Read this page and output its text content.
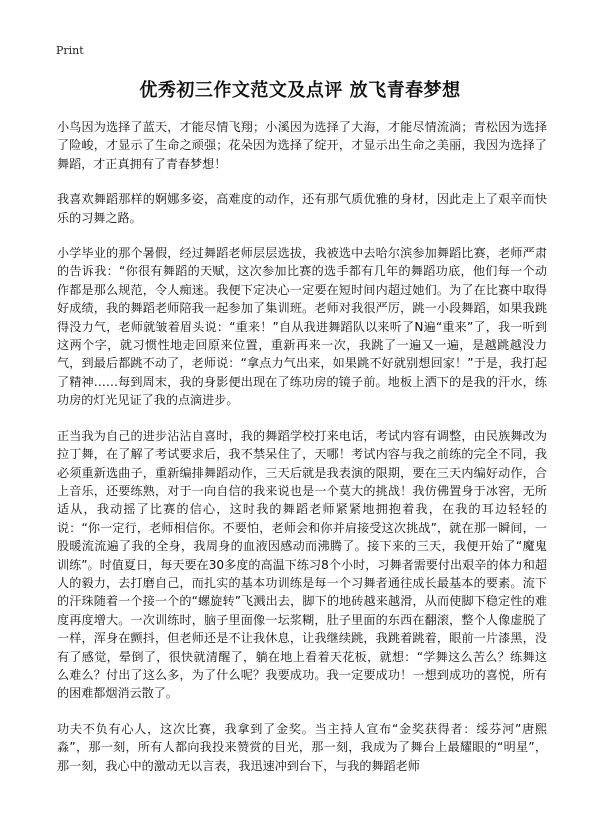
Print
优秀初三作文范文及点评 放飞青春梦想

小鸟因为选择了蓝天，才能尽情飞翔；小溪因为选择了大海，才能尽情流淌；青松因为选择了险峻，才显示了生命之顽强；花朵因为选择了绽开，才显示出生命之美丽，我因为选择了舞蹈，才正真拥有了青春梦想！

我喜欢舞蹈那样的婀娜多姿，高难度的动作，还有那气质优雅的身材，因此走上了艰辛而快乐的习舞之路。

小学毕业的那个暑假，经过舞蹈老师层层选拔，我被选中去哈尔滨参加舞蹈比赛，老师严肃的告诉我：“你很有舞蹈的天赋，这次参加比赛的选手都有几年的舞蹈功底，他们每一个动作都是那么规范，令人痴迷。我便下定决心一定要在短时间内超过她们。为了在比赛中取得好成绩，我的舞蹈老师陪我一起参加了集训班。老师对我很严厉，跳一小段舞蹈，如果我跳得没力气，老师就皱着眉头说：“重来！”自从我进舞蹈队以来听了N遍“重来”了，我一听到这两个字，就习惯性地走回原来位置，重新再来一次，我跳了一遍又一遍，是越跳越没力气，到最后都跳不动了，老师说：“拿点力气出来，如果跳不好就别想回家！”于是，我打起了精神……每到周末，我的身影便出现在了练功房的镜子前。地板上洒下的是我的汗水，练功房的灯光见证了我的点滴进步。

正当我为自己的进步沾沾自喜时，我的舞蹈学校打来电话，考试内容有调整，由民族舞改为拉丁舞，在了解了考试要求后，我不禁呆住了，天哪！考试内容与我之前练的完全不同，我必须重新选曲子，重新编排舞蹈动作，三天后就是我表演的限期，要在三天内编好动作，合上音乐，还要练熟，对于一向自信的我来说也是一个莫大的挑战！我仿佛置身于冰窖，无所适从，我动摇了比赛的信心，这时我的舞蹈老师紧紧地拥抱着我，在我的耳边轻轻的说：“你一定行，老师相信你。不要怕，老师会和你并肩接受这次挑战”，就在那一瞬间，一股暖流流遍了我的全身，我周身的血液因感动而沸腾了。接下来的三天，我便开始了“魔鬼训练”。时值夏日，每天要在30多度的高温下练习8个小时，习舞者需要付出艰辛的体力和超人的毅力，去打磨自己，而扎实的基本功训练是每一个习舞者通往成长最基本的要素。流下的汗珠随着一个接一个的“螺旋转”飞溅出去，脚下的地砖越来越滑，从而使脚下稳定性的难度再度增大。一次训练时，脑子里面像一坛浆糊，肚子里面的东西在翻滚，整个人像虚脱了一样，浑身在颤抖，但老师还是不让我休息，让我继续跳，我跳着跳着，眼前一片漆黑，没有了感觉，晕倒了，很快就清醒了，躺在地上看着天花板，就想：“学舞这么苦么？练舞这么难么？付出了这么多，为了什么呢？我要成功。我一定要成功！一想到成功的喜悦，所有的困难都烟消云散了。

功夫不负有心人，这次比赛，我拿到了金奖。当主持人宣布“金奖获得者：绥芬河”唐熙淼”，那一刻，所有人都向我投来赞赏的目光，那一刻，我成为了舞台上最耀眼的“明星”，那一刻，我心中的激动无以言表，我迅速冲到台下，与我的舞蹈老师
